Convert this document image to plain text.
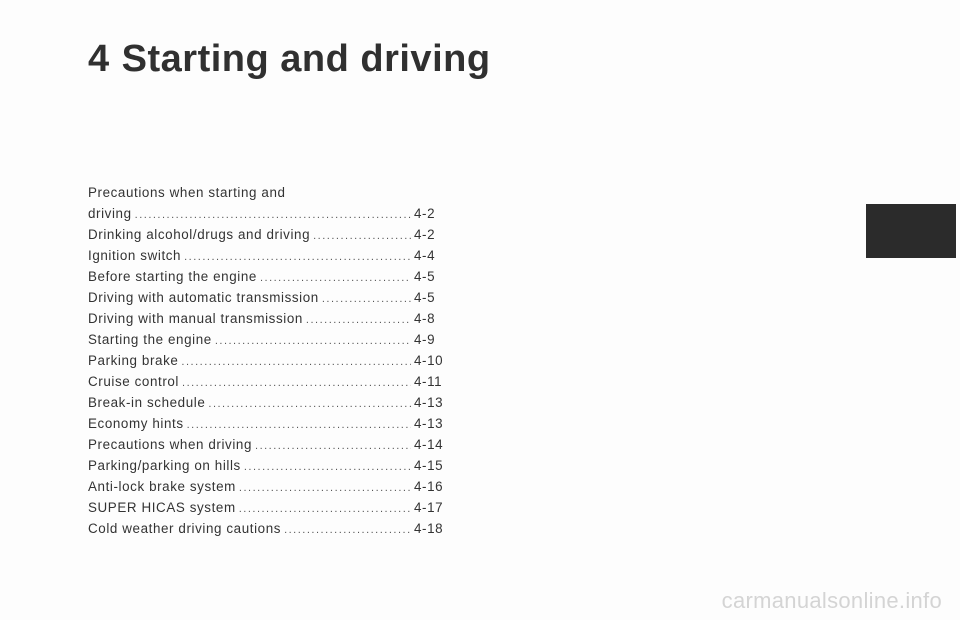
4 Starting and driving
Precautions when starting and
driving .....	4-2
Drinking alcohol/drugs and driving .....	4-2
Ignition switch .....	4-4
Before starting the engine .....	4-5
Driving with automatic transmission .....	4-5
Driving with manual transmission .....	4-8
Starting the engine .....	4-9
Parking brake .....	4-10
Cruise control .....	4-11
Break-in schedule .....	4-13
Economy hints .....	4-13
Precautions when driving .....	4-14
Parking/parking on hills .....	4-15
Anti-lock brake system .....	4-16
SUPER HICAS system .....	4-17
Cold weather driving cautions .....	4-18
carmanualsonline.info
